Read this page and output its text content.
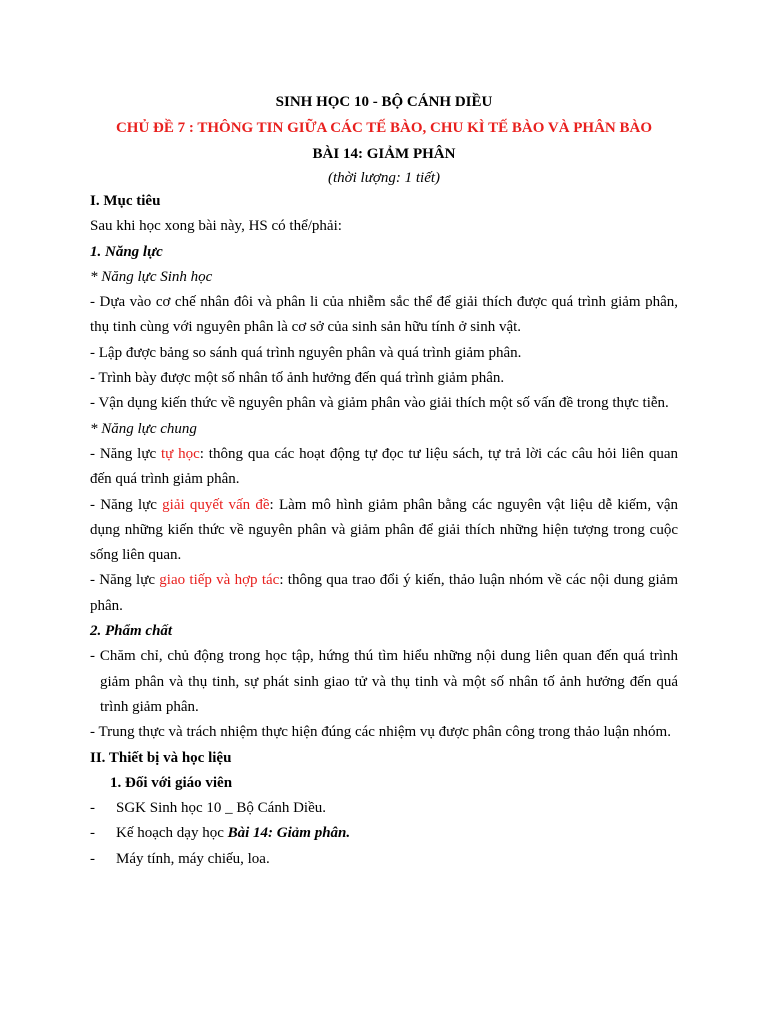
SINH HỌC 10 - BỘ CÁNH DIỀU
CHỦ ĐỀ 7 : THÔNG TIN GIỮA CÁC TẾ BÀO, CHU KÌ TẾ BÀO VÀ PHÂN BÀO
BÀI 14: GIẢM PHÂN
(thời lượng: 1 tiết)

I. Mục tiêu

Sau khi học xong bài này, HS có thể/phải:

1. Năng lực

* Năng lực Sinh học

- Dựa vào cơ chế nhân đôi và phân li của nhiễm sắc thể để giải thích được quá trình giảm phân, thụ tinh cùng với nguyên phân là cơ sở của sinh sản hữu tính ở sinh vật.

- Lập được bảng so sánh quá trình nguyên phân và quá trình giảm phân.

- Trình bày được một số nhân tố ảnh hưởng đến quá trình giảm phân.

- Vận dụng kiến thức về nguyên phân và giảm phân vào giải thích một số vấn đề trong thực tiễn.

* Năng lực chung

- Năng lực tự học: thông qua các hoạt động tự đọc tư liệu sách, tự trả lời các câu hỏi liên quan đến quá trình giảm phân.

- Năng lực giải quyết vấn đề: Làm mô hình giảm phân bằng các nguyên vật liệu dễ kiếm, vận dụng những kiến thức về nguyên phân và giảm phân để giải thích những hiện tượng trong cuộc sống liên quan.

- Năng lực giao tiếp và hợp tác: thông qua trao đổi ý kiến, thảo luận nhóm về các nội dung giảm phân.

2. Phẩm chất

- Chăm chỉ, chủ động trong học tập, hứng thú tìm hiểu những nội dung liên quan đến quá trình giảm phân và thụ tinh, sự phát sinh giao tử và thụ tinh và một số nhân tố ảnh hưởng đến quá trình giảm phân.

- Trung thực và trách nhiệm thực hiện đúng các nhiệm vụ được phân công trong thảo luận nhóm.

II. Thiết bị và học liệu

1. Đối với giáo viên

-	SGK Sinh học 10 _ Bộ Cánh Diều.
-	Kế hoạch dạy học Bài 14: Giảm phân.
-	Máy tính, máy chiếu, loa.
